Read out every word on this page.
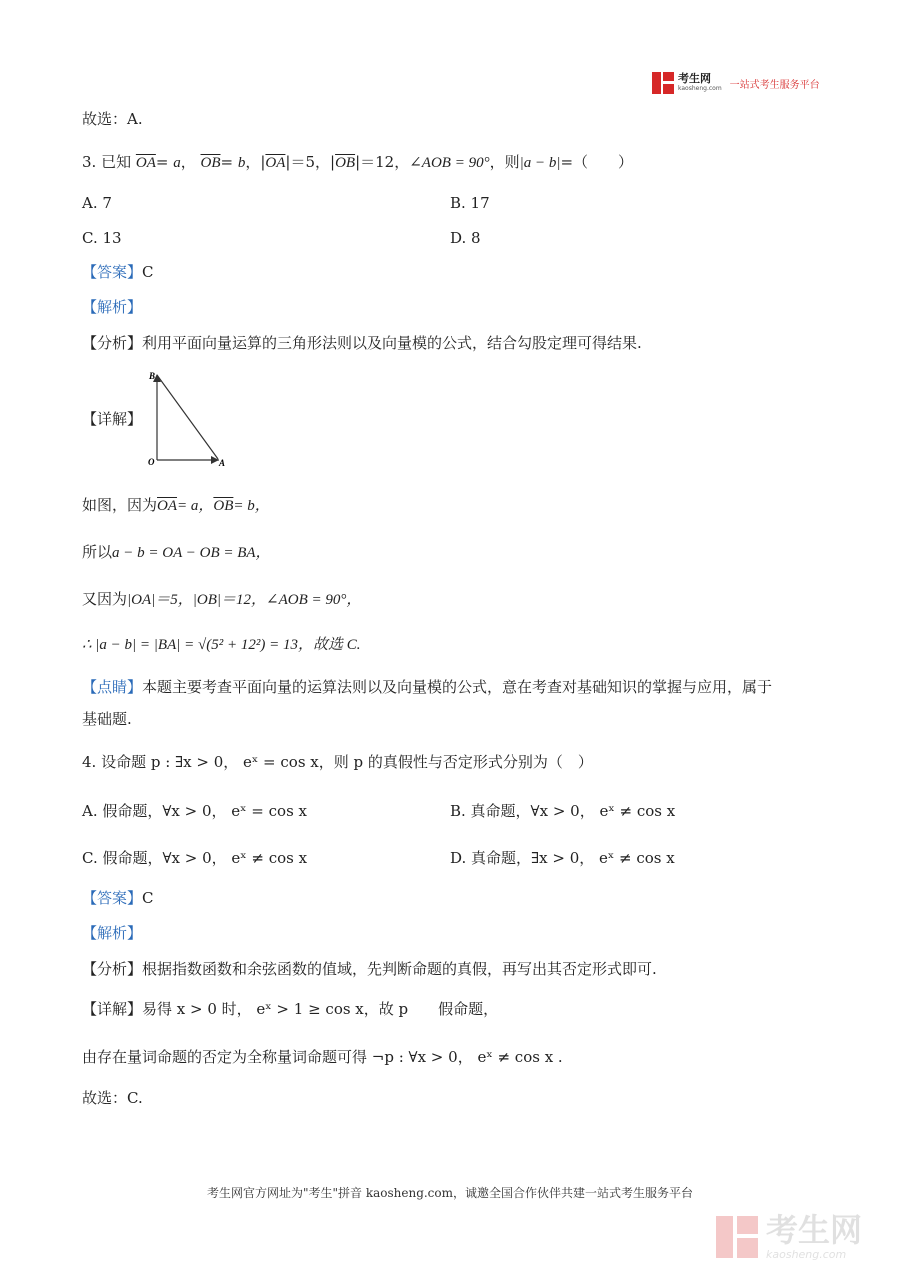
考生网
kaosheng.com 一站式考生服务平台
故选：A.
3. 已知 $\overline{OA}= a$， $\overline{OB}= b$，$|\overline{OA}|=5$，$|\overline{OB}|=12$，∠AOB = 90°，则|a − b|=（　　）
A. 7	B. 17
C. 13	D. 8
【答案】C
【解析】
【分析】利用平面向量运算的三角形法则以及向量模的公式，结合勾股定理可得结果.
【详解】
B
O	A
如图，因为$\overline{OA}= a$，$\overline{OB}= b$，
所以a − b = OA − OB = BA，
又因为|OA|＝5，|OB|＝12，∠AOB = 90°，
∴ |a − b| = |BA| = √(5² + 12²) = 13，故选 C.
【点睛】本题主要考查平面向量的运算法则以及向量模的公式，意在考查对基础知识的掌握与应用，属于
基础题.
4. 设命题 p : ∃x > 0， eˣ = cos x，则 p 的真假性与否定形式分别为（　）
A. 假命题，∀x > 0， eˣ = cos x	B. 真命题，∀x > 0， eˣ ≠ cos x
C. 假命题，∀x > 0， eˣ ≠ cos x	D. 真命题，∃x > 0， eˣ ≠ cos x
【答案】C
【解析】
【分析】根据指数函数和余弦函数的值域，先判断命题的真假，再写出其否定形式即可.
【详解】易得 x > 0 时， eˣ > 1 ≥ cos x，故 p　　假命题，
由存在量词命题的否定为全称量词命题可得 ¬p : ∀x > 0， eˣ ≠ cos x .
故选：C.
考生网官方网址为"考生"拼音 kaosheng.com，诚邀全国合作伙伴共建一站式考生服务平台
考生网
kaosheng.com
